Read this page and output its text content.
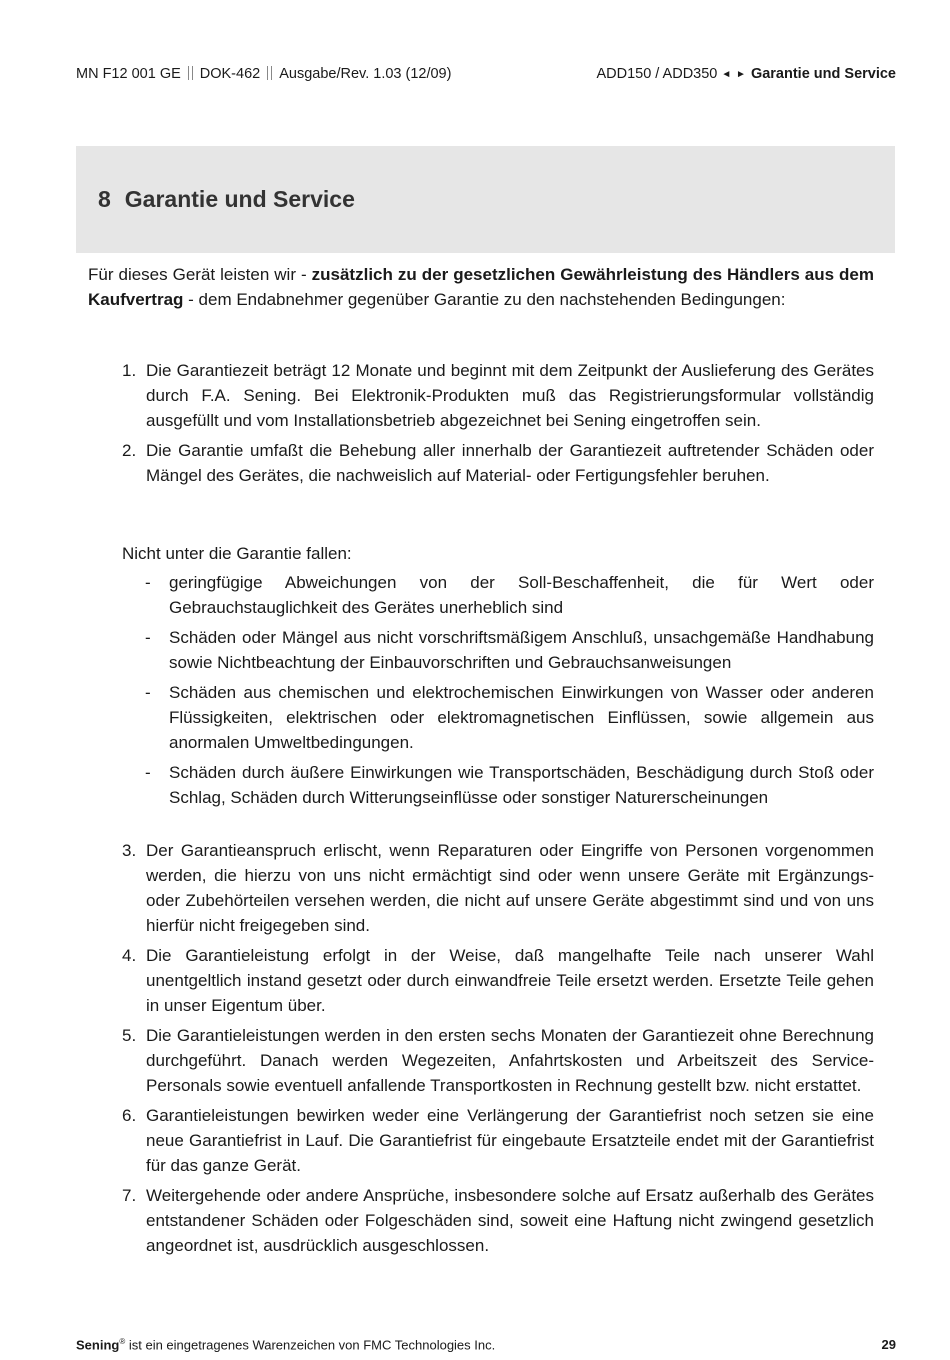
MN F12 001 GE DOK-462 Ausgabe/Rev. 1.03 (12/09)	ADD150 / ADD350 ◄ ► Garantie und Service
8 Garantie und Service
Für dieses Gerät leisten wir - zusätzlich zu der gesetzlichen Gewährleistung des Händlers aus dem Kaufvertrag - dem Endabnehmer gegenüber Garantie zu den nachstehenden Bedingungen:
1. Die Garantiezeit beträgt 12 Monate und beginnt mit dem Zeitpunkt der Auslieferung des Gerätes durch F.A. Sening. Bei Elektronik-Produkten muß das Registrierungsformular vollständig ausgefüllt und vom Installationsbetrieb abgezeichnet bei Sening eingetroffen sein.
2. Die Garantie umfaßt die Behebung aller innerhalb der Garantiezeit auftretender Schäden oder Mängel des Gerätes, die nachweislich auf Material- oder Fertigungsfehler beruhen.
Nicht unter die Garantie fallen:
- geringfügige Abweichungen von der Soll-Beschaffenheit, die für Wert oder Gebrauchstauglichkeit des Gerätes unerheblich sind
- Schäden oder Mängel aus nicht vorschriftsmäßigem Anschluß, unsachgemäße Handhabung sowie Nichtbeachtung der Einbauvorschriften und Gebrauchsanweisungen
- Schäden aus chemischen und elektrochemischen Einwirkungen von Wasser oder anderen Flüssigkeiten, elektrischen oder elektromagnetischen Einflüssen, sowie allgemein aus anormalen Umweltbedingungen.
- Schäden durch äußere Einwirkungen wie Transportschäden, Beschädigung durch Stoß oder Schlag, Schäden durch Witterungseinflüsse oder sonstiger Naturerscheinungen
3. Der Garantieanspruch erlischt, wenn Reparaturen oder Eingriffe von Personen vorgenommen werden, die hierzu von uns nicht ermächtigt sind oder wenn unsere Geräte mit Ergänzungs- oder Zubehörteilen versehen werden, die nicht auf unsere Geräte abgestimmt sind und von uns hierfür nicht freigegeben sind.
4. Die Garantieleistung erfolgt in der Weise, daß mangelhafte Teile nach unserer Wahl unentgeltlich instand gesetzt oder durch einwandfreie Teile ersetzt werden. Ersetzte Teile gehen in unser Eigentum über.
5. Die Garantieleistungen werden in den ersten sechs Monaten der Garantiezeit ohne Berechnung durchgeführt. Danach werden Wegezeiten, Anfahrtskosten und Arbeitszeit des Service-Personals sowie eventuell anfallende Transportkosten in Rechnung gestellt bzw. nicht erstattet.
6. Garantieleistungen bewirken weder eine Verlängerung der Garantiefrist noch setzen sie eine neue Garantiefrist in Lauf. Die Garantiefrist für eingebaute Ersatzteile endet mit der Garantiefrist für das ganze Gerät.
7. Weitergehende oder andere Ansprüche, insbesondere solche auf Ersatz außerhalb des Gerätes entstandener Schäden oder Folgeschäden sind, soweit eine Haftung nicht zwingend gesetzlich angeordnet ist, ausdrücklich ausgeschlossen.
Sening® ist ein eingetragenes Warenzeichen von FMC Technologies Inc.	29
